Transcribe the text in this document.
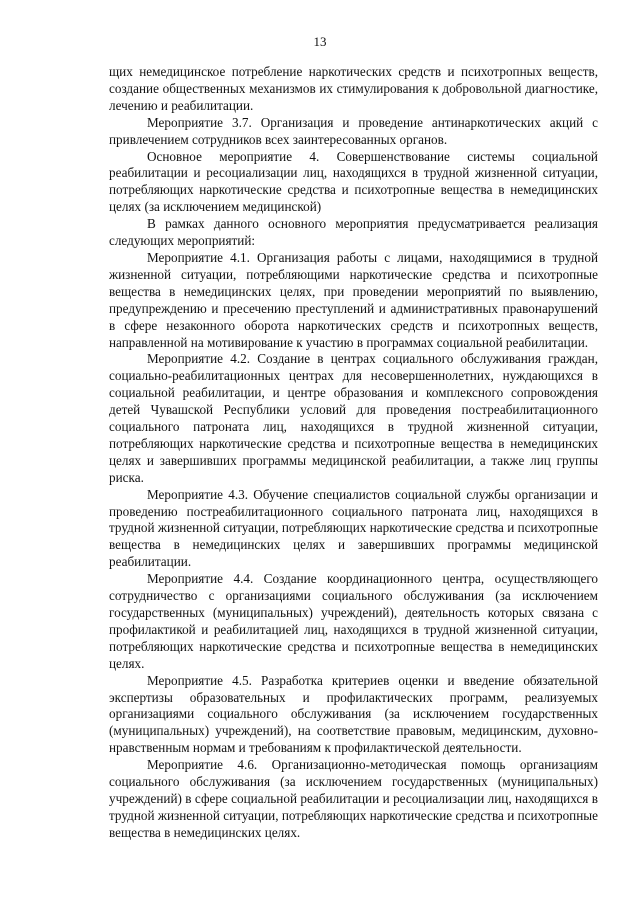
13

щих немедицинское потребление наркотических средств и психотропных веществ, создание общественных механизмов их стимулирования к добровольной диагностике, лечению и реабилитации.

Мероприятие 3.7. Организация и проведение антинаркотических акций с привлечением сотрудников всех заинтересованных органов.

Основное мероприятие 4. Совершенствование системы социальной реабилитации и ресоциализации лиц, находящихся в трудной жизненной ситуации, потребляющих наркотические средства и психотропные вещества в немедицинских целях (за исключением медицинской)

В рамках данного основного мероприятия предусматривается реализация следующих мероприятий:

Мероприятие 4.1. Организация работы с лицами, находящимися в трудной жизненной ситуации, потребляющими наркотические средства и психотропные вещества в немедицинских целях, при проведении мероприятий по выявлению, предупреждению и пресечению преступлений и административных правонарушений в сфере незаконного оборота наркотических средств и психотропных веществ, направленной на мотивирование к участию в программах социальной реабилитации.

Мероприятие 4.2. Создание в центрах социального обслуживания граждан, социально-реабилитационных центрах для несовершеннолетних, нуждающихся в социальной реабилитации, и центре образования и комплексного сопровождения детей Чувашской Республики условий для проведения постреабилитационного социального патроната лиц, находящихся в трудной жизненной ситуации, потребляющих наркотические средства и психотропные вещества в немедицинских целях и завершивших программы медицинской реабилитации, а также лиц группы риска.

Мероприятие 4.3. Обучение специалистов социальной службы организации и проведению постреабилитационного социального патроната лиц, находящихся в трудной жизненной ситуации, потребляющих наркотические средства и психотропные вещества в немедицинских целях и завершивших программы медицинской реабилитации.

Мероприятие 4.4. Создание координационного центра, осуществляющего сотрудничество с организациями социального обслуживания (за исключением государственных (муниципальных) учреждений), деятельность которых связана с профилактикой и реабилитацией лиц, находящихся в трудной жизненной ситуации, потребляющих наркотические средства и психотропные вещества в немедицинских целях.

Мероприятие 4.5. Разработка критериев оценки и введение обязательной экспертизы образовательных и профилактических программ, реализуемых организациями социального обслуживания (за исключением государственных (муниципальных) учреждений), на соответствие правовым, медицинским, духовно-нравственным нормам и требованиям к профилактической деятельности.

Мероприятие 4.6. Организационно-методическая помощь организациям социального обслуживания (за исключением государственных (муниципальных) учреждений) в сфере социальной реабилитации и ресоциализации лиц, находящихся в трудной жизненной ситуации, потребляющих наркотические средства и психотропные вещества в немедицинских целях.
